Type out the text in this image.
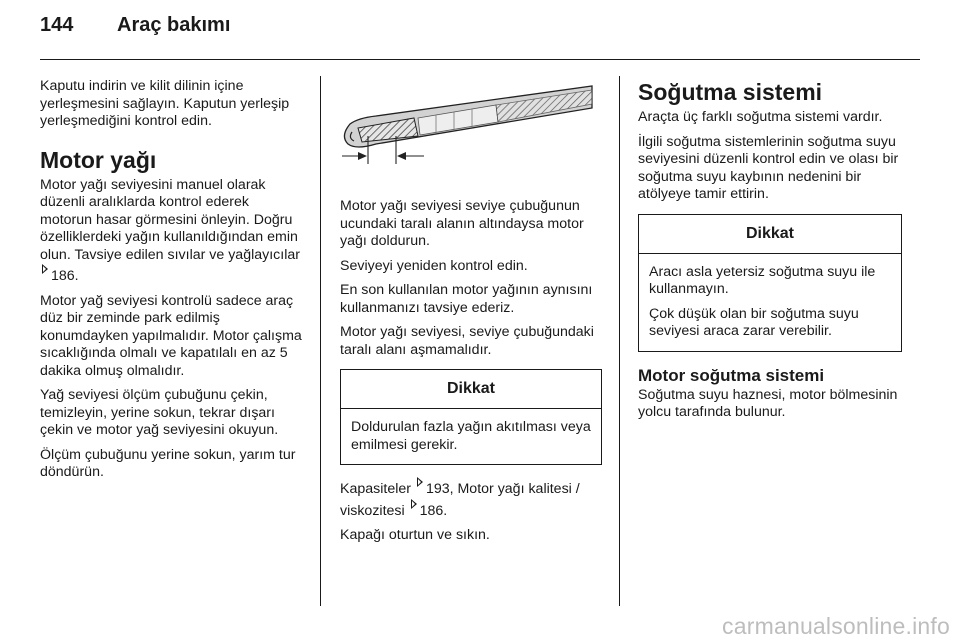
144 Araç bakımı

Kaputu indirin ve kilit dilinin içine yerleşmesini sağlayın. Kaputun yerleşip yerleşmediğini kontrol edin.

Motor yağı

Motor yağı seviyesini manuel olarak düzenli aralıklarda kontrol ederek motorun hasar görmesini önleyin. Doğru özelliklerdeki yağın kullanıldığından emin olun. Tavsiye edilen sıvılar ve yağlayıcılar 186.

Motor yağ seviyesi kontrolü sadece araç düz bir zeminde park edilmiş konumdayken yapılmalıdır. Motor çalışma sıcaklığında olmalı ve kapatılalı en az 5 dakika olmuş olmalıdır.

Yağ seviyesi ölçüm çubuğunu çekin, temizleyin, yerine sokun, tekrar dışarı çekin ve motor yağ seviyesini okuyun.

Ölçüm çubuğunu yerine sokun, yarım tur döndürün.

Motor yağı seviyesi seviye çubuğunun ucundaki taralı alanın altındaysa motor yağı doldurun.

Seviyeyi yeniden kontrol edin.

En son kullanılan motor yağının aynısını kullanmanızı tavsiye ederiz.

Motor yağı seviyesi, seviye çubuğundaki taralı alanı aşmamalıdır.

Dikkat

Doldurulan fazla yağın akıtılması veya emilmesi gerekir.

Kapasiteler 193, Motor yağı kalitesi / viskozitesi 186.

Kapağı oturtun ve sıkın.

Soğutma sistemi

Araçta üç farklı soğutma sistemi vardır.

İlgili soğutma sistemlerinin soğutma suyu seviyesini düzenli kontrol edin ve olası bir soğutma suyu kaybının nedenini bir atölyeye tamir ettirin.

Dikkat

Aracı asla yetersiz soğutma suyu ile kullanmayın.

Çok düşük olan bir soğutma suyu seviyesi araca zarar verebilir.

Motor soğutma sistemi

Soğutma suyu haznesi, motor bölmesinin yolcu tarafında bulunur.

carmanualsonline.info
